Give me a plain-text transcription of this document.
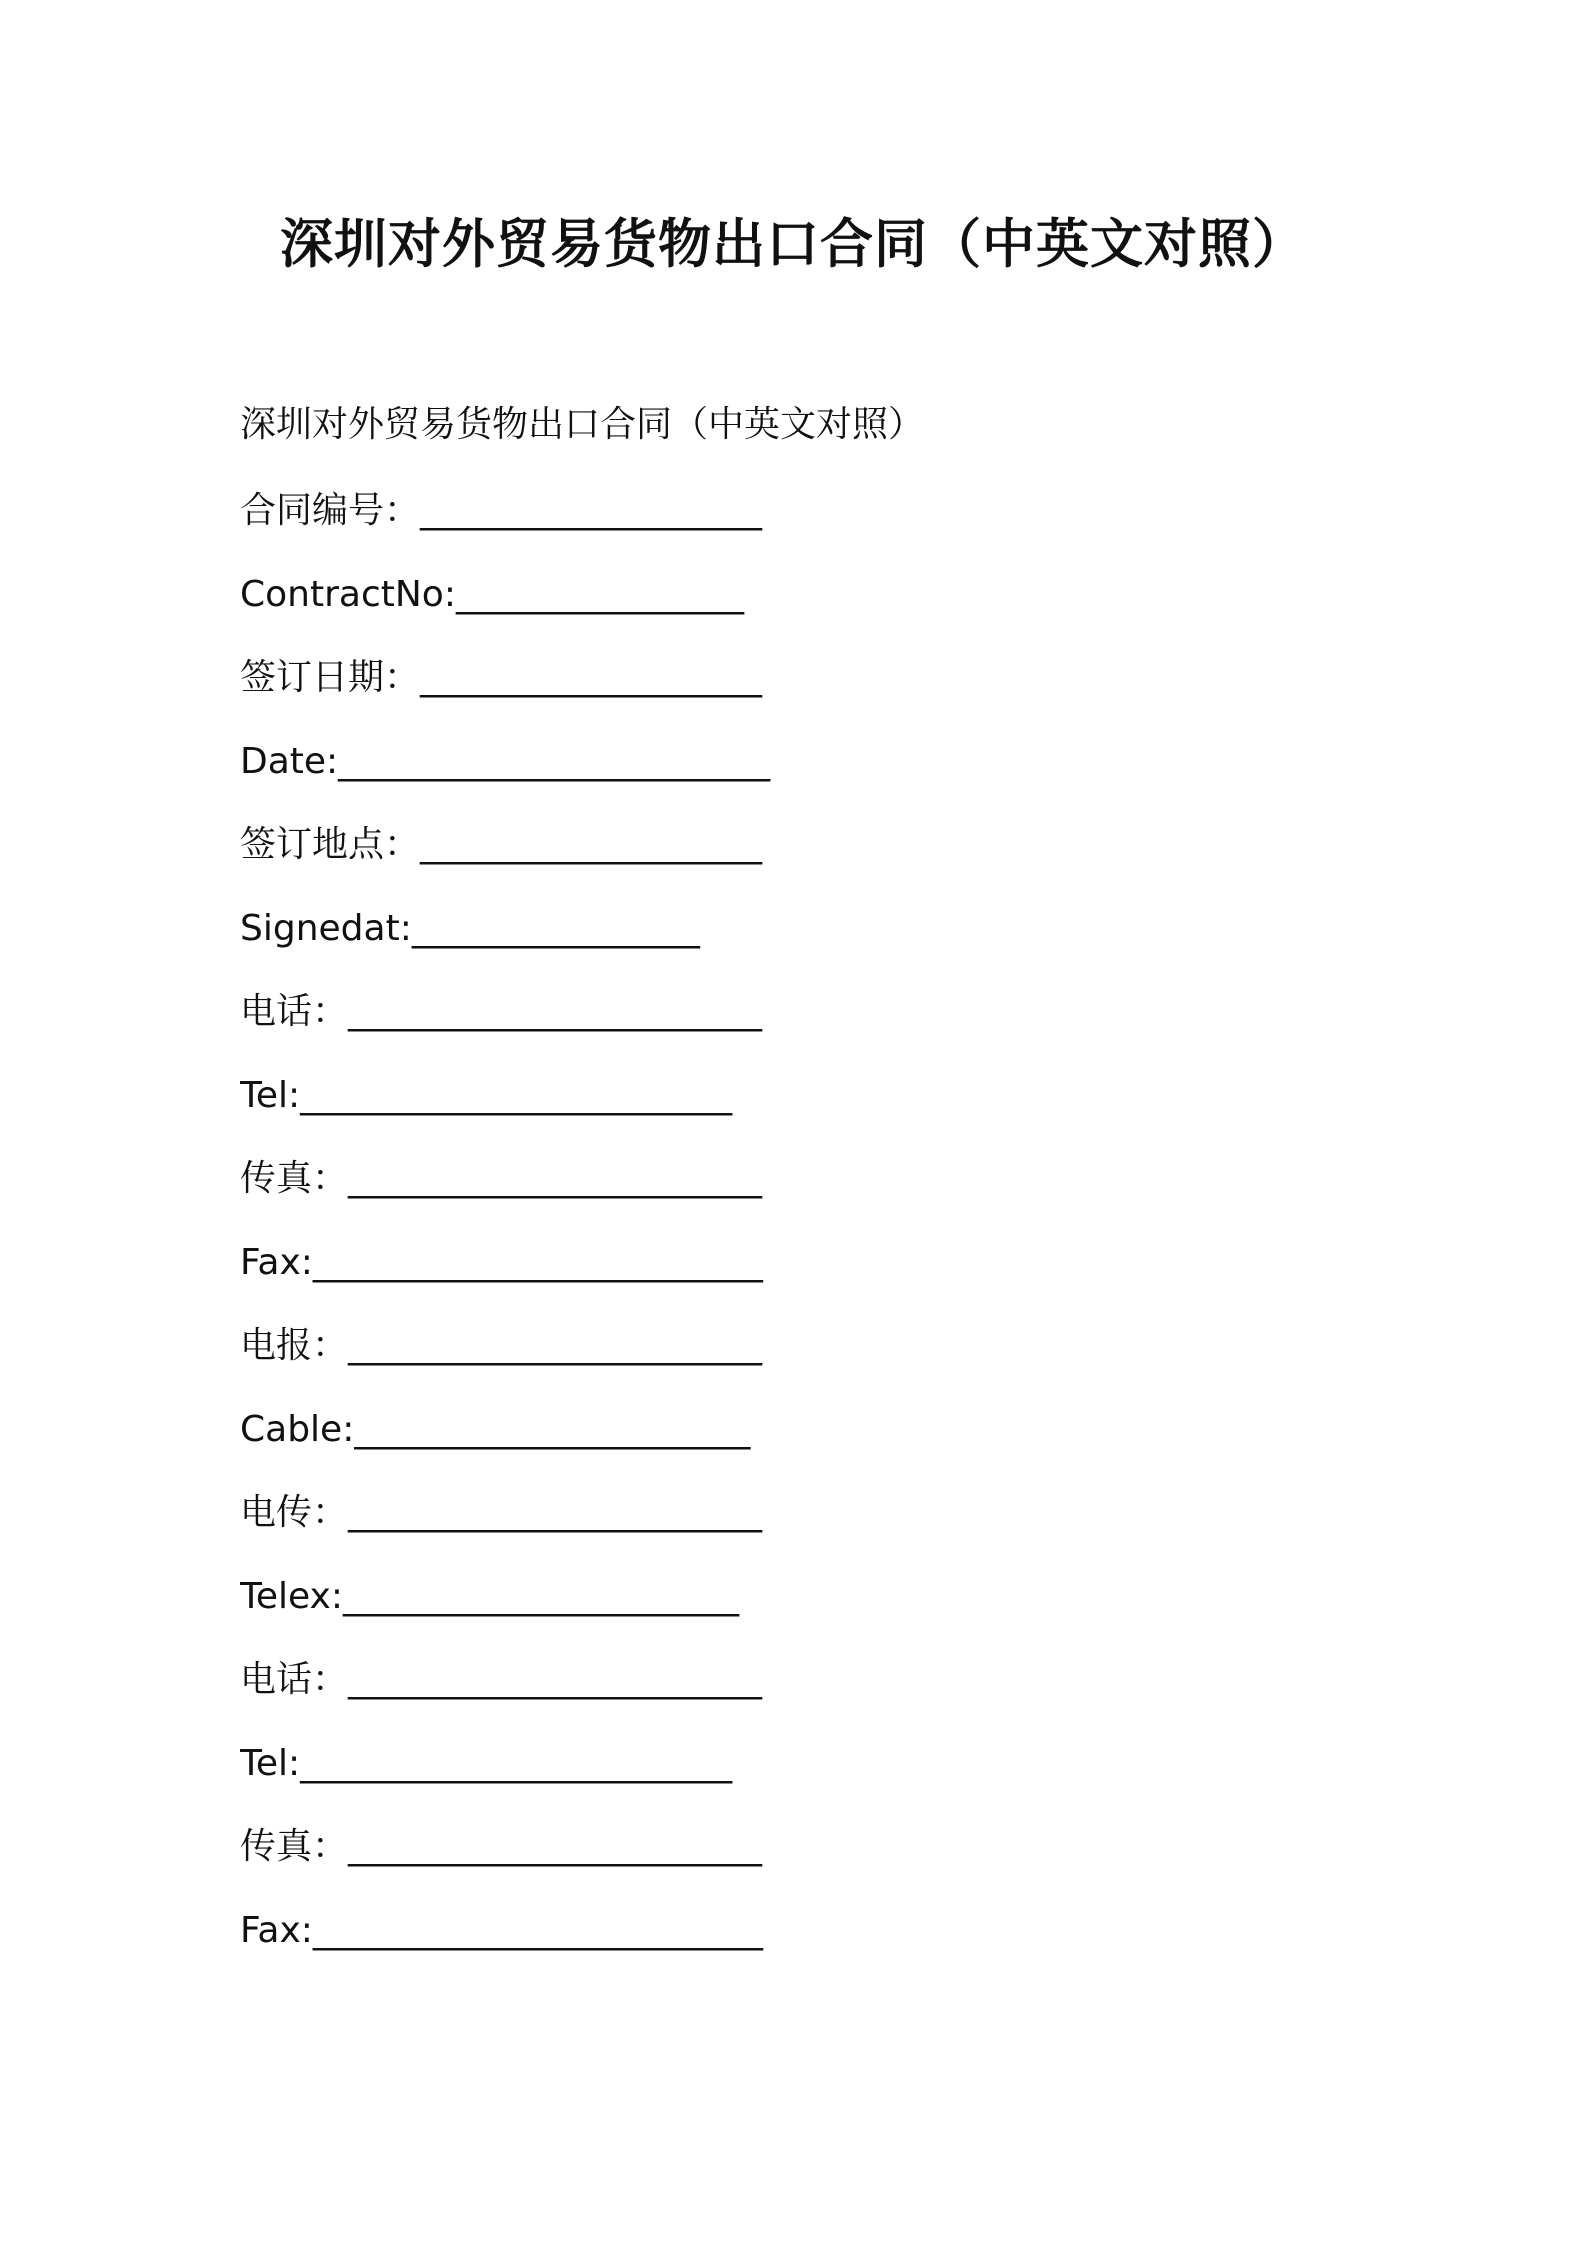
深圳对外贸易货物出口合同（中英文对照）

深圳对外贸易货物出口合同（中英文对照）

合同编号：___________________
ContractNo:________________
签订日期：___________________
Date:________________________
签订地点：___________________
Signedat:________________
电话：_______________________
Tel:________________________
传真：_______________________
Fax:_________________________
电报：_______________________
Cable:______________________
电传：_______________________
Telex:______________________
电话：_______________________
Tel:________________________
传真：_______________________
Fax:_________________________
